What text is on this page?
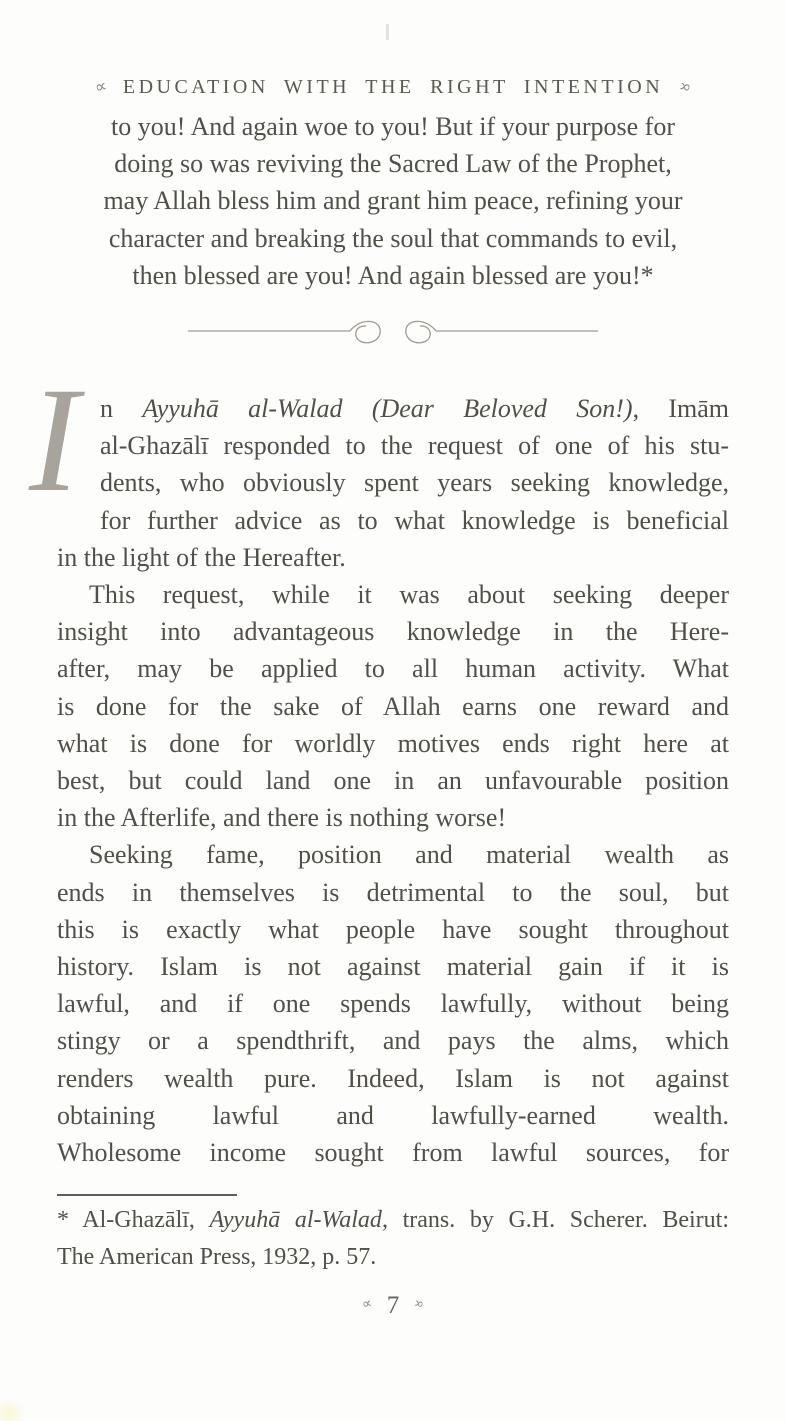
∝ EDUCATION WITH THE RIGHT INTENTION ∝
to you! And again woe to you! But if your purpose for
doing so was reviving the Sacred Law of the Prophet,
may Allah bless him and grant him peace, refining your
character and breaking the soul that commands to evil,
then blessed are you! And again blessed are you!*
I n Ayyuhā al-Walad (Dear Beloved Son!), Imām
al-Ghazālī responded to the request of one of his stu-
dents, who obviously spent years seeking knowledge,
for further advice as to what knowledge is beneficial
in the light of the Hereafter.
This request, while it was about seeking deeper
insight into advantageous knowledge in the Here-
after, may be applied to all human activity. What
is done for the sake of Allah earns one reward and
what is done for worldly motives ends right here at
best, but could land one in an unfavourable position
in the Afterlife, and there is nothing worse!
Seeking fame, position and material wealth as
ends in themselves is detrimental to the soul, but
this is exactly what people have sought throughout
history. Islam is not against material gain if it is
lawful, and if one spends lawfully, without being
stingy or a spendthrift, and pays the alms, which
renders wealth pure. Indeed, Islam is not against
obtaining lawful and lawfully-earned wealth.
Wholesome income sought from lawful sources, for
* Al-Ghazālī, Ayyuhā al-Walad, trans. by G.H. Scherer. Beirut:
The American Press, 1932, p. 57.
∝ 7 ∝
